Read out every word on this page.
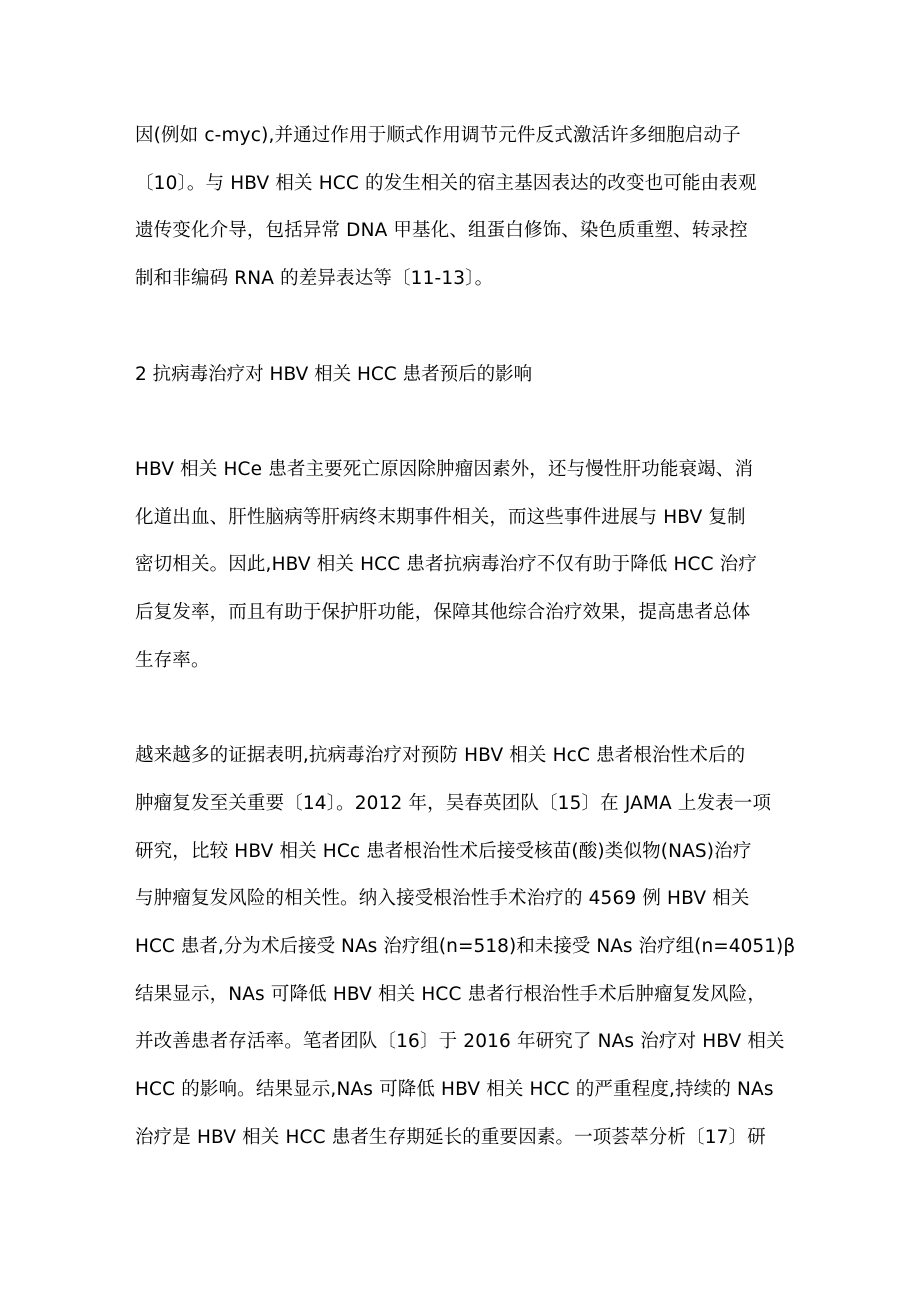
因(例如 c-myc),并通过作用于顺式作用调节元件反式激活许多细胞启动子
〔10〕。与 HBV 相关 HCC 的发生相关的宿主基因表达的改变也可能由表观
遗传变化介导，包括异常 DNA 甲基化、组蛋白修饰、染色质重塑、转录控
制和非编码 RNA 的差异表达等〔11-13〕。

2 抗病毒治疗对 HBV 相关 HCC 患者预后的影响

HBV 相关 HCe 患者主要死亡原因除肿瘤因素外，还与慢性肝功能衰竭、消
化道出血、肝性脑病等肝病终末期事件相关，而这些事件进展与 HBV 复制
密切相关。因此,HBV 相关 HCC 患者抗病毒治疗不仅有助于降低 HCC 治疗
后复发率，而且有助于保护肝功能，保障其他综合治疗效果，提高患者总体
生存率。

越来越多的证据表明,抗病毒治疗对预防 HBV 相关 HcC 患者根治性术后的
肿瘤复发至关重要〔14〕。2012 年，吴春英团队〔15〕在 JAMA 上发表一项
研究，比较 HBV 相关 HCc 患者根治性术后接受核苗(酸)类似物(NAS)治疗
与肿瘤复发风险的相关性。纳入接受根治性手术治疗的 4569 例 HBV 相关
HCC 患者,分为术后接受 NAs 治疗组(n=518)和未接受 NAs 治疗组(n=4051)β
结果显示，NAs 可降低 HBV 相关 HCC 患者行根治性手术后肿瘤复发风险，
并改善患者存活率。笔者团队〔16〕于 2016 年研究了 NAs 治疗对 HBV 相关
HCC 的影响。结果显示,NAs 可降低 HBV 相关 HCC 的严重程度,持续的 NAs
治疗是 HBV 相关 HCC 患者生存期延长的重要因素。一项荟萃分析〔17〕研
